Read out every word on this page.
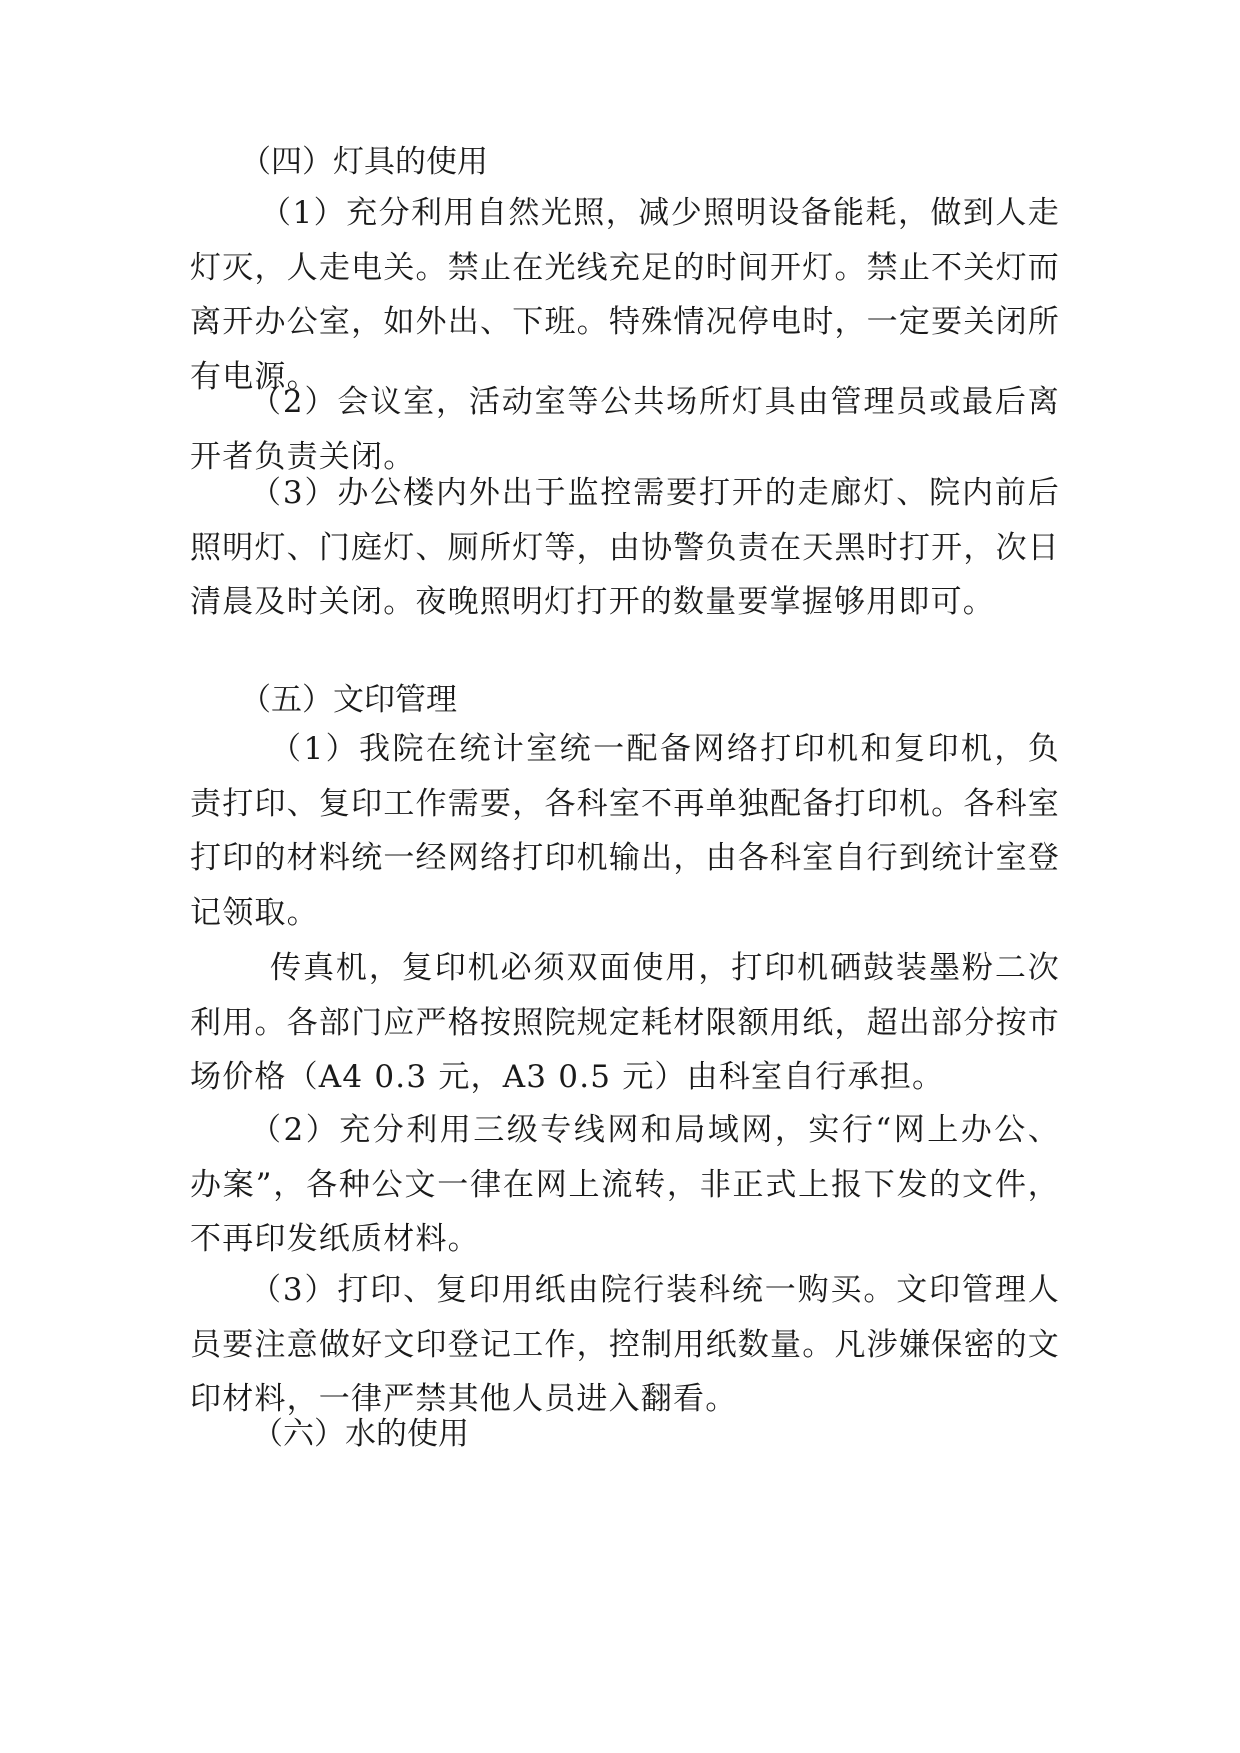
（四）灯具的使用

（1）充分利用自然光照，减少照明设备能耗，做到人走灯灭，人走电关。禁止在光线充足的时间开灯。禁止不关灯而离开办公室，如外出、下班。特殊情况停电时，一定要关闭所有电源。

（2）会议室，活动室等公共场所灯具由管理员或最后离开者负责关闭。

（3）办公楼内外出于监控需要打开的走廊灯、院内前后照明灯、门庭灯、厕所灯等，由协警负责在天黑时打开，次日清晨及时关闭。夜晚照明灯打开的数量要掌握够用即可。

（五）文印管理

（1）我院在统计室统一配备网络打印机和复印机，负责打印、复印工作需要，各科室不再单独配备打印机。各科室打印的材料统一经网络打印机输出，由各科室自行到统计室登记领取。

传真机，复印机必须双面使用，打印机硒鼓装墨粉二次利用。各部门应严格按照院规定耗材限额用纸，超出部分按市场价格（A4 0.3 元，A3 0.5 元）由科室自行承担。

（2）充分利用三级专线网和局域网，实行“网上办公、办案”，各种公文一律在网上流转，非正式上报下发的文件，不再印发纸质材料。

（3）打印、复印用纸由院行装科统一购买。文印管理人员要注意做好文印登记工作，控制用纸数量。凡涉嫌保密的文印材料，一律严禁其他人员进入翻看。

（六）水的使用
